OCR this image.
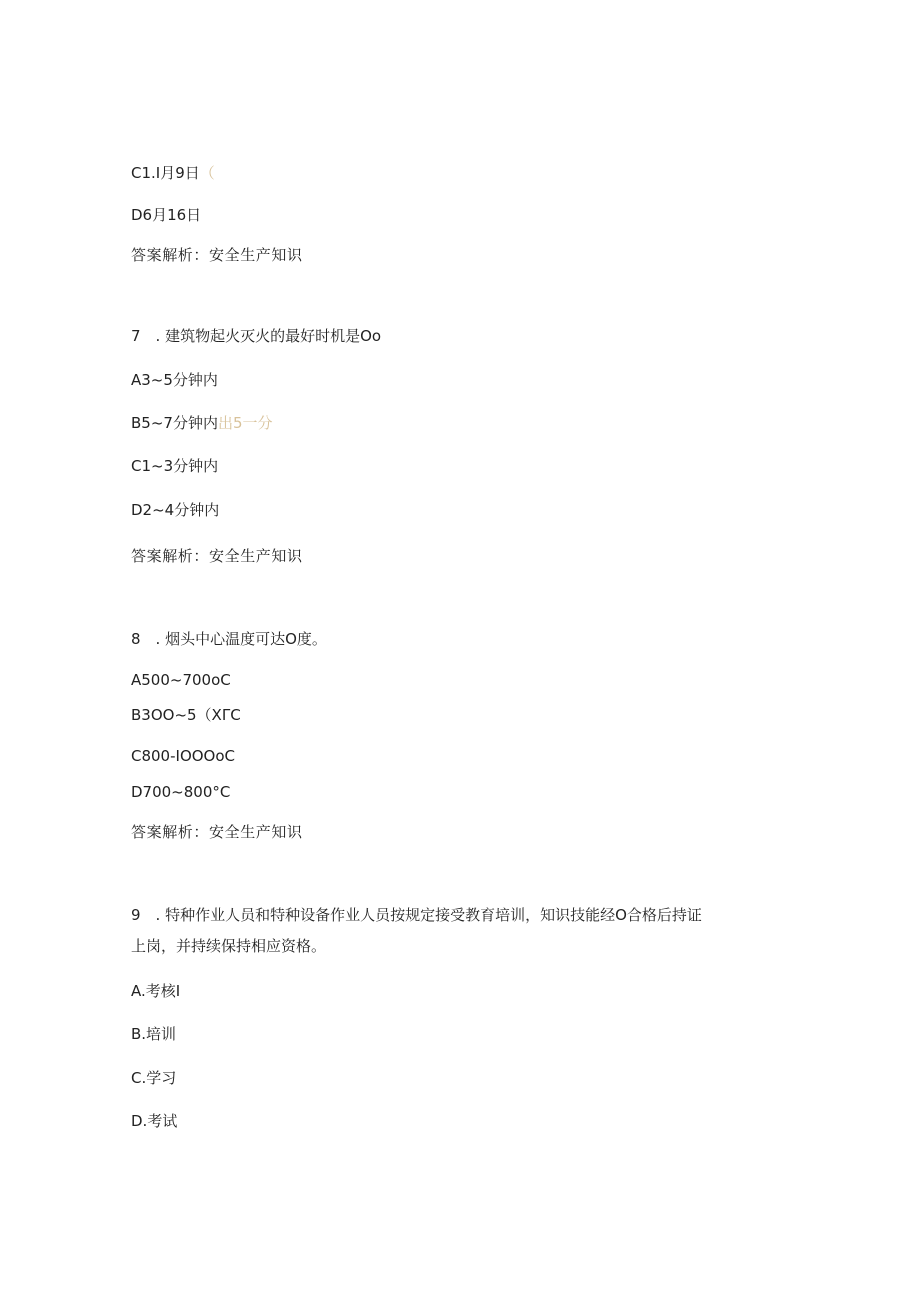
C1.I月9日（
D6月16日
答案解析：安全生产知识
7　. 建筑物起火灭火的最好时机是Oo
A3~5分钟内
B5~7分钟内出5一分
C1~3分钟内
D2~4分钟内
答案解析：安全生产知识
8　. 烟头中心温度可达O度。
A500~700oC
B3OO~5（XΓC
C800-IOOOoC
D700~800°C
答案解析：安全生产知识
9　. 特种作业人员和特种设备作业人员按规定接受教育培训，知识技能经O合格后持证
上岗，并持续保持相应资格。
A.考核I
B.培训
C.学习
D.考试
